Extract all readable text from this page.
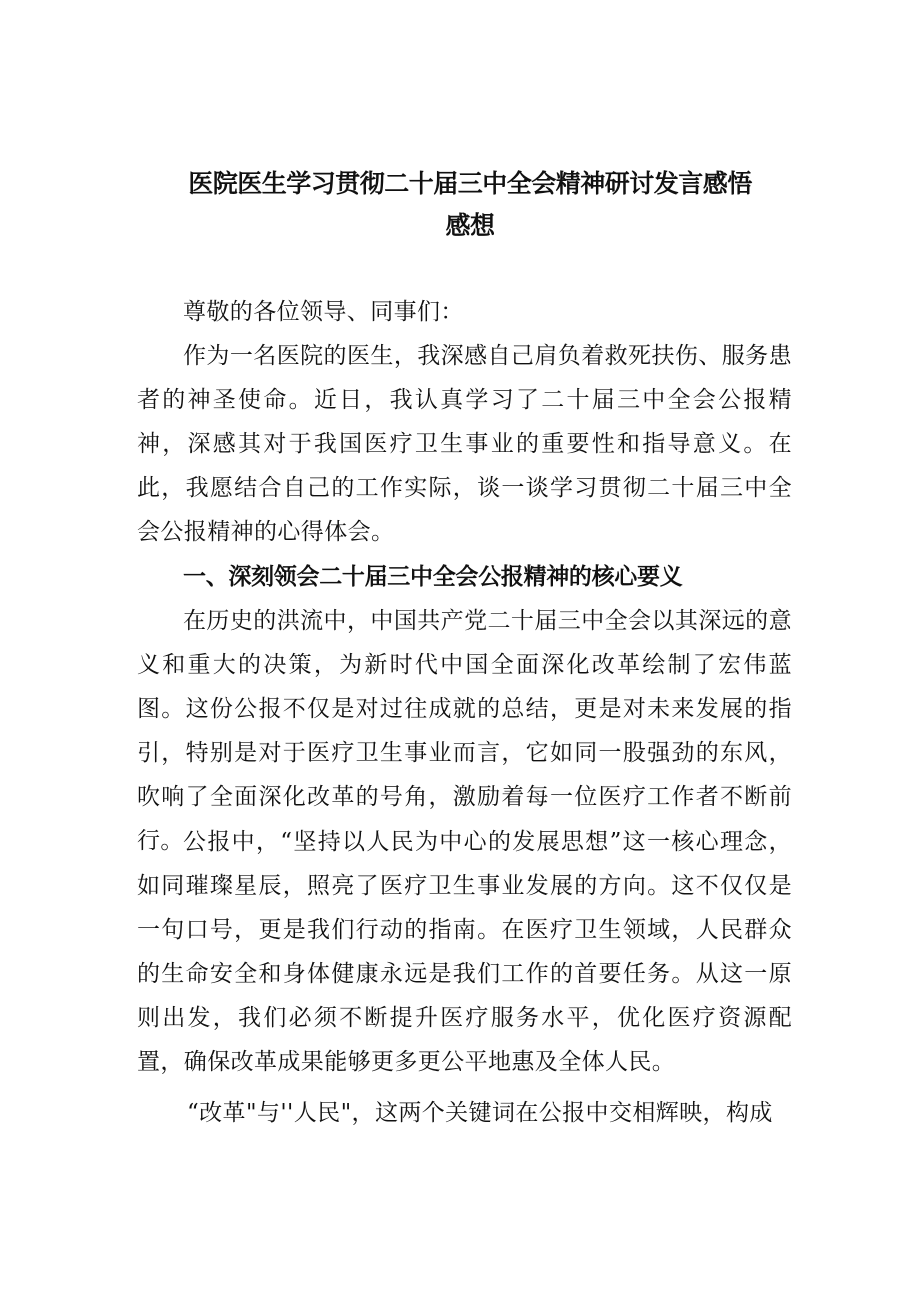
医院医生学习贯彻二十届三中全会精神研讨发言感悟
感想
尊敬的各位领导、同事们：
作为一名医院的医生，我深感自己肩负着救死扶伤、服务患者的神圣使命。近日，我认真学习了二十届三中全会公报精神，深感其对于我国医疗卫生事业的重要性和指导意义。在此，我愿结合自己的工作实际，谈一谈学习贯彻二十届三中全会公报精神的心得体会。
一、深刻领会二十届三中全会公报精神的核心要义
在历史的洪流中，中国共产党二十届三中全会以其深远的意义和重大的决策，为新时代中国全面深化改革绘制了宏伟蓝图。这份公报不仅是对过往成就的总结，更是对未来发展的指引，特别是对于医疗卫生事业而言，它如同一股强劲的东风，吹响了全面深化改革的号角，激励着每一位医疗工作者不断前行。 公报中，“坚持以人民为中心的发展思想”这一核心理念，如同璀璨星辰，照亮了医疗卫生事业发展的方向。这不仅仅是一句口号，更是我们行动的指南。在医疗卫生领域，人民群众的生命安全和身体健康永远是我们工作的首要任务。从这一原则出发，我们必须不断提升医疗服务水平，优化医疗资源配置，确保改革成果能够更多更公平地惠及全体人民。
“改革"与''人民"，这两个关键词在公报中交相辉映，构成
